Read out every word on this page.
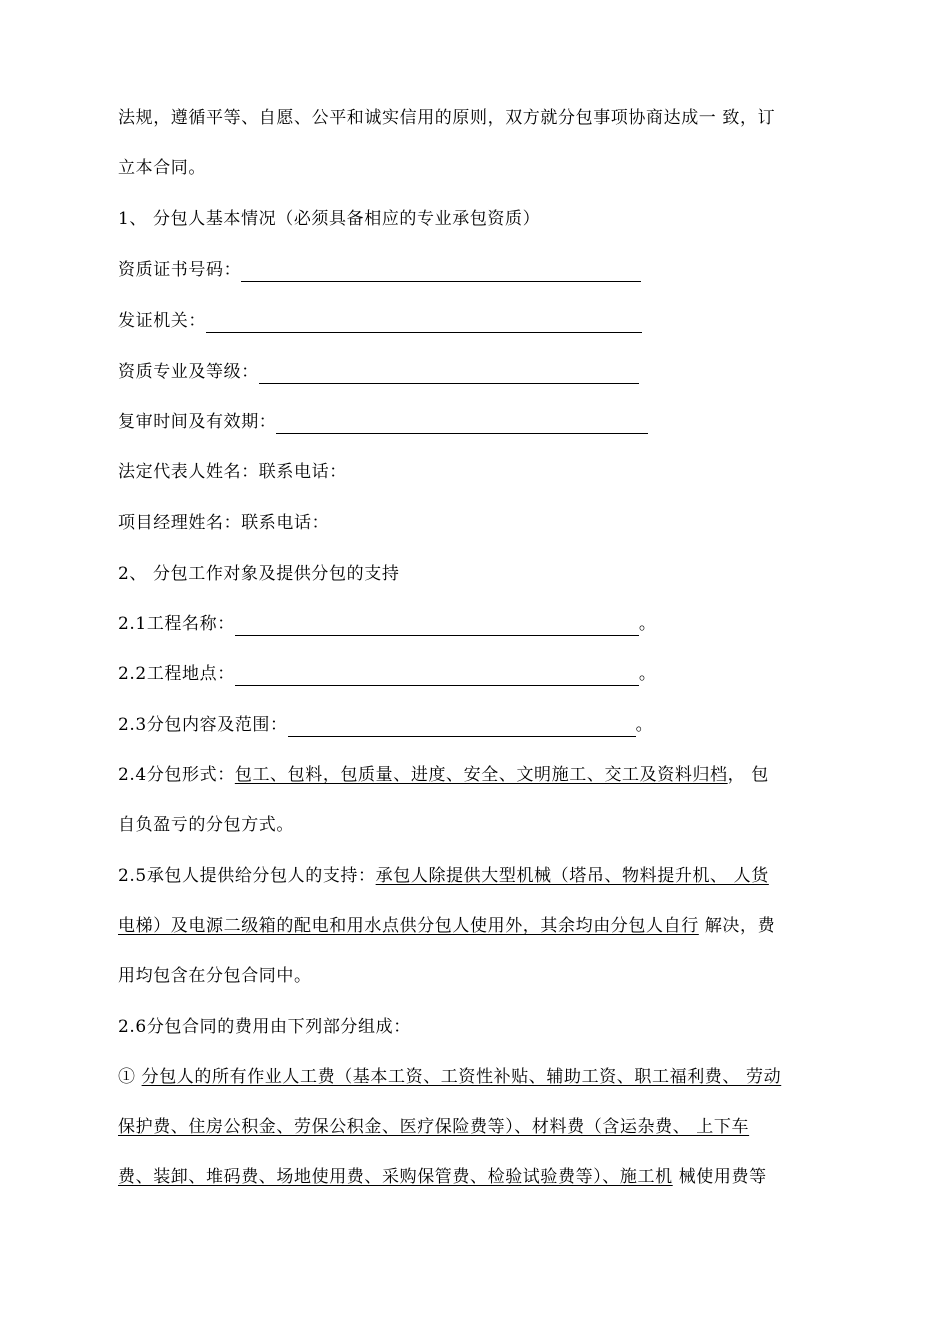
法规，遵循平等、自愿、公平和诚实信用的原则，双方就分包事项协商达成一 致，订
立本合同。
1、 分包人基本情况（必须具备相应的专业承包资质）
资质证书号码：
发证机关：
资质专业及等级：
复审时间及有效期：
法定代表人姓名：联系电话：
项目经理姓名：联系电话：
2、 分包工作对象及提供分包的支持
2.1工程名称：	。
2.2工程地点：	。
2.3分包内容及范围：	。
2.4分包形式：包工、包料，包质量、进度、安全、文明施工、交工及资料归档， 包
自负盈亏的分包方式。
2.5承包人提供给分包人的支持：承包人除提供大型机械（塔吊、物料提升机、 人货
电梯）及电源二级箱的配电和用水点供分包人使用外，其余均由分包人自行 解决，费
用均包含在分包合同中。
2.6分包合同的费用由下列部分组成：
① 分包人的所有作业人工费（基本工资、工资性补贴、辅助工资、职工福利费、 劳动
保护费、住房公积金、劳保公积金、医疗保险费等）、材料费（含运杂费、 上下车
费、装卸、堆码费、场地使用费、采购保管费、检验试验费等）、施工机 械使用费等
